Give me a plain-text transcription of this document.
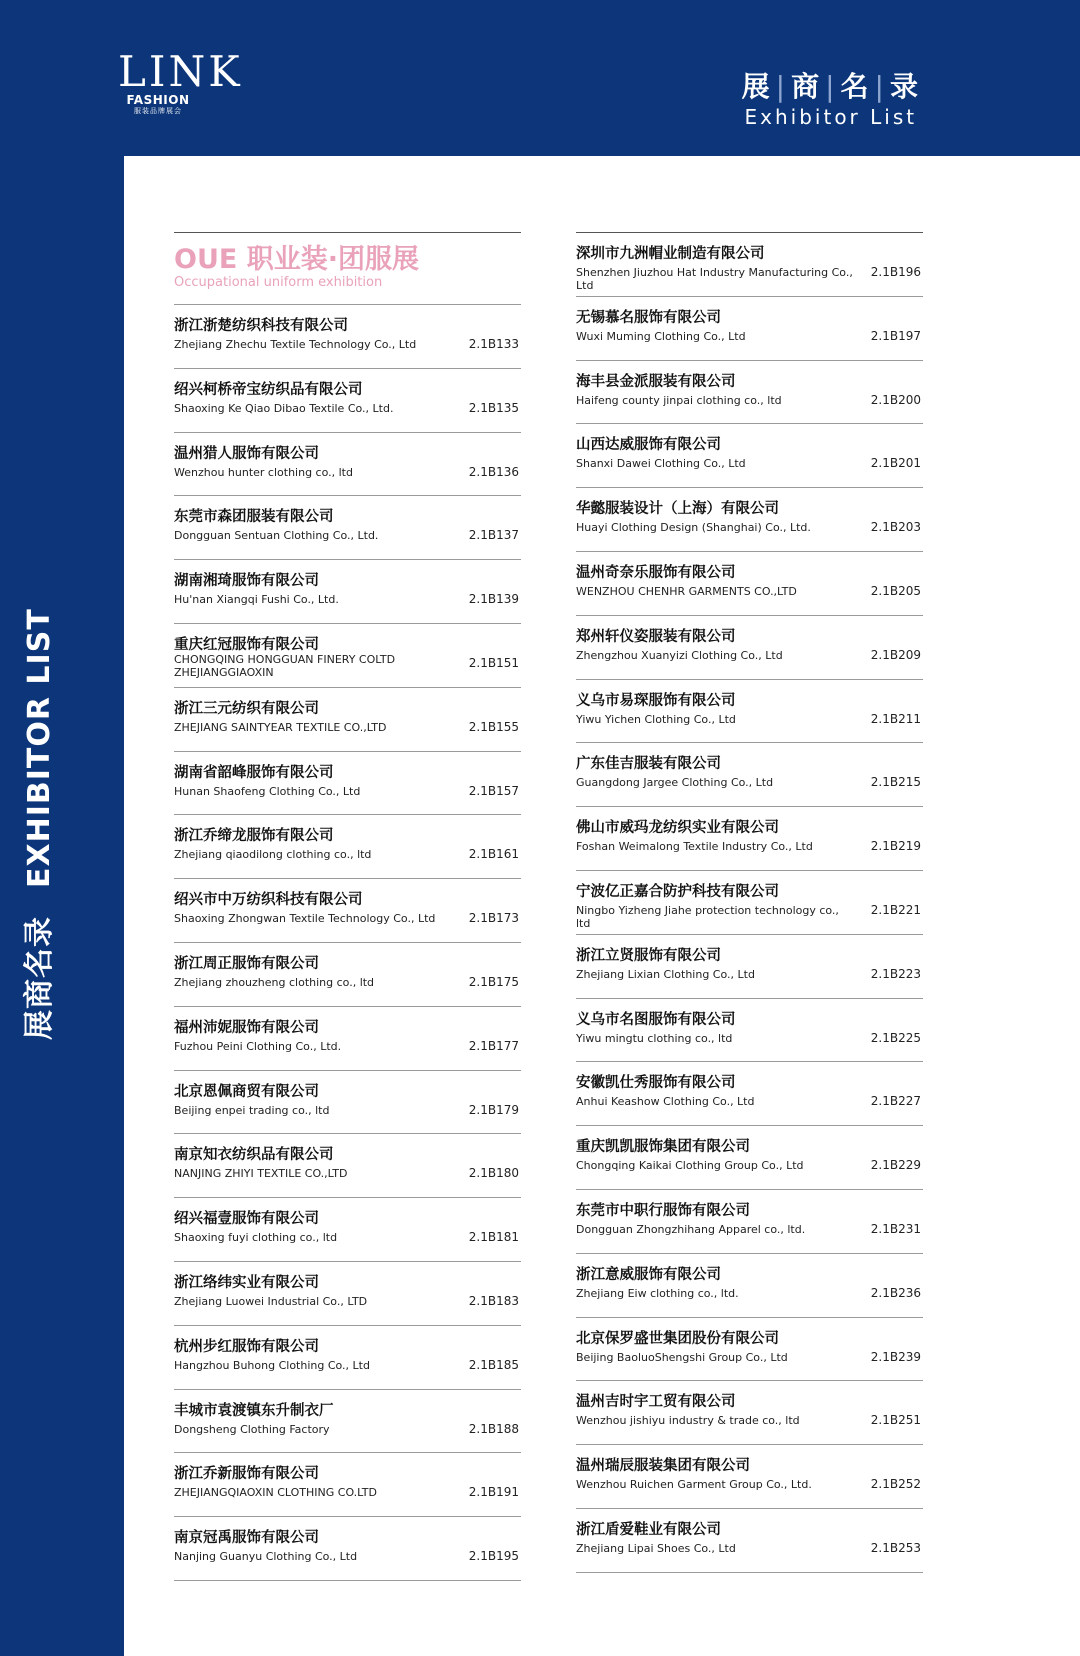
LINK
FASHION
服装品牌展会
展 | 商 | 名 | 录
Exhibitor List
展商名录EXHIBITOR LIST
OUE 职业装·团服展
Occupational uniform exhibition
浙江浙楚纺织科技有限公司
Zhejiang Zhechu Textile Technology Co., Ltd	2.1B133
绍兴柯桥帝宝纺织品有限公司
Shaoxing Ke Qiao Dibao Textile Co., Ltd.	2.1B135
温州猎人服饰有限公司
Wenzhou hunter clothing co., ltd	2.1B136
东莞市森团服装有限公司
Dongguan Sentuan Clothing Co., Ltd.	2.1B137
湖南湘琦服饰有限公司
Hu'nan Xiangqi Fushi Co., Ltd.	2.1B139
重庆红冠服饰有限公司
CHONGQING HONGGUAN FINERY COLTD
ZHEJIANGGIAOXIN
2.1B151
浙江三元纺织有限公司
ZHEJIANG SAINTYEAR TEXTILE CO.,LTD	2.1B155
湖南省韶峰服饰有限公司
Hunan Shaofeng Clothing Co., Ltd	2.1B157
浙江乔缔龙服饰有限公司
Zhejiang qiaodilong clothing co., ltd	2.1B161
绍兴市中万纺织科技有限公司
Shaoxing Zhongwan Textile Technology Co., Ltd	2.1B173
浙江周正服饰有限公司
Zhejiang zhouzheng clothing co., ltd	2.1B175
福州沛妮服饰有限公司
Fuzhou Peini Clothing Co., Ltd.	2.1B177
北京恩佩商贸有限公司
Beijing enpei trading co., ltd	2.1B179
南京知衣纺织品有限公司
NANJING ZHIYI TEXTILE CO.,LTD	2.1B180
绍兴福壹服饰有限公司
Shaoxing fuyi clothing co., ltd	2.1B181
浙江络纬实业有限公司
Zhejiang Luowei Industrial Co., LTD	2.1B183
杭州步红服饰有限公司
Hangzhou Buhong Clothing Co., Ltd	2.1B185
丰城市袁渡镇东升制衣厂
Dongsheng Clothing Factory	2.1B188
浙江乔新服饰有限公司
ZHEJIANGQIAOXIN CLOTHING CO.LTD	2.1B191
南京冠禹服饰有限公司
Nanjing Guanyu Clothing Co., Ltd	2.1B195
深圳市九洲帽业制造有限公司
Shenzhen Jiuzhou Hat Industry Manufacturing Co., Ltd
2.1B196
无锡慕名服饰有限公司
Wuxi Muming Clothing Co., Ltd	2.1B197
海丰县金派服装有限公司
Haifeng county jinpai clothing co., ltd	2.1B200
山西达威服饰有限公司
Shanxi Dawei Clothing Co., Ltd	2.1B201
华懿服装设计（上海）有限公司
Huayi Clothing Design (Shanghai) Co., Ltd.	2.1B203
温州奇奈乐服饰有限公司
WENZHOU CHENHR GARMENTS CO.,LTD	2.1B205
郑州轩仪姿服装有限公司
Zhengzhou Xuanyizi Clothing Co., Ltd	2.1B209
义乌市易琛服饰有限公司
Yiwu Yichen Clothing Co., Ltd	2.1B211
广东佳吉服装有限公司
Guangdong Jargee Clothing Co., Ltd	2.1B215
佛山市威玛龙纺织实业有限公司
Foshan Weimalong Textile Industry Co., Ltd	2.1B219
宁波亿正嘉合防护科技有限公司
Ningbo Yizheng Jiahe protection technology co., ltd
2.1B221
浙江立贤服饰有限公司
Zhejiang Lixian Clothing Co., Ltd	2.1B223
义乌市名图服饰有限公司
Yiwu mingtu clothing co., ltd	2.1B225
安徽凯仕秀服饰有限公司
Anhui Keashow Clothing Co., Ltd	2.1B227
重庆凯凯服饰集团有限公司
Chongqing Kaikai Clothing Group Co., Ltd	2.1B229
东莞市中职行服饰有限公司
Dongguan Zhongzhihang Apparel co., ltd.	2.1B231
浙江意威服饰有限公司
Zhejiang Eiw clothing co., ltd.	2.1B236
北京保罗盛世集团股份有限公司
Beijing BaoluoShengshi Group Co., Ltd	2.1B239
温州吉时宇工贸有限公司
Wenzhou jishiyu industry & trade co., ltd	2.1B251
温州瑞辰服装集团有限公司
Wenzhou Ruichen Garment Group Co., Ltd.	2.1B252
浙江盾爱鞋业有限公司
Zhejiang Lipai Shoes Co., Ltd	2.1B253
